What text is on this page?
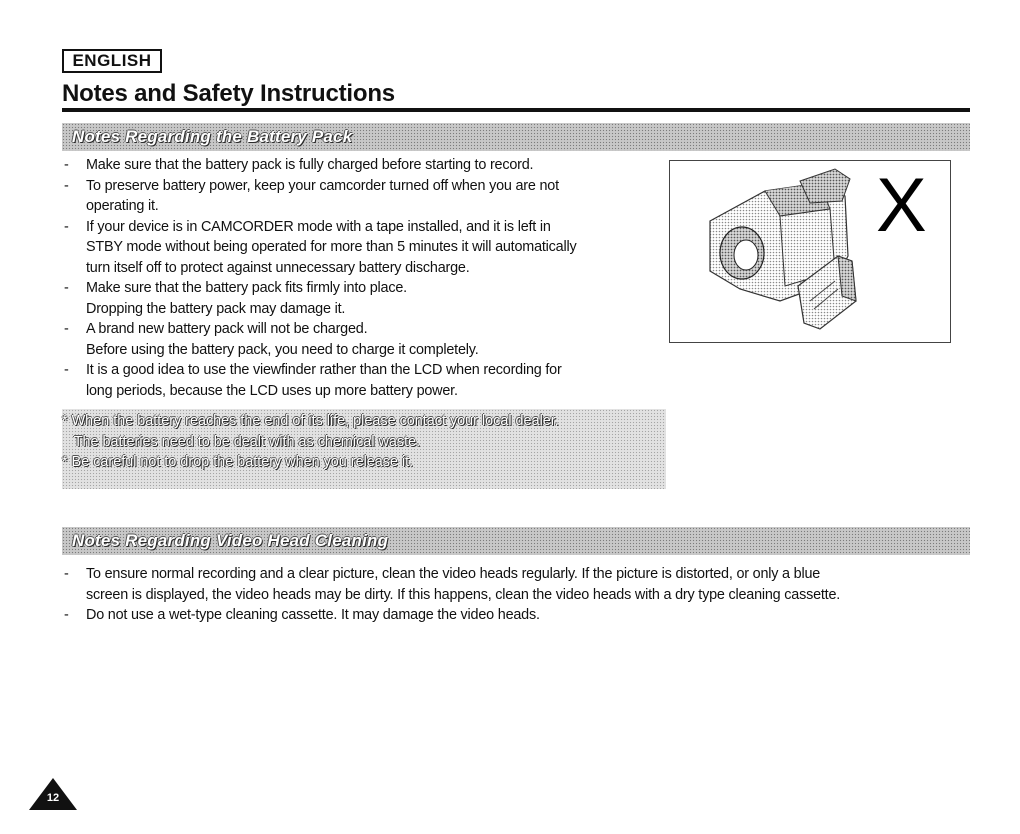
ENGLISH
Notes and Safety Instructions
Notes Regarding the Battery Pack
- Make sure that the battery pack is fully charged before starting to record.
- To preserve battery power, keep your camcorder turned off when you are not
operating it.
- If your device is in CAMCORDER mode with a tape installed, and it is left in
STBY mode without being operated for more than 5 minutes it will automatically
turn itself off to protect against unnecessary battery discharge.
- Make sure that the battery pack fits firmly into place.
Dropping the battery pack may damage it.
- A brand new battery pack will not be charged.
Before using the battery pack, you need to charge it completely.
- It is a good idea to use the viewfinder rather than the LCD when recording for
long periods, because the LCD uses up more battery power.
X
* When the battery reaches the end of its life, please contact your local dealer.
The batteries need to be dealt with as chemical waste.
* Be careful not to drop the battery when you release it.
Notes Regarding Video Head Cleaning
- To ensure normal recording and a clear picture, clean the video heads regularly. If the picture is distorted, or only a blue
screen is displayed, the video heads may be dirty. If this happens, clean the video heads with a dry type cleaning cassette.
- Do not use a wet-type cleaning cassette. It may damage the video heads.
12
